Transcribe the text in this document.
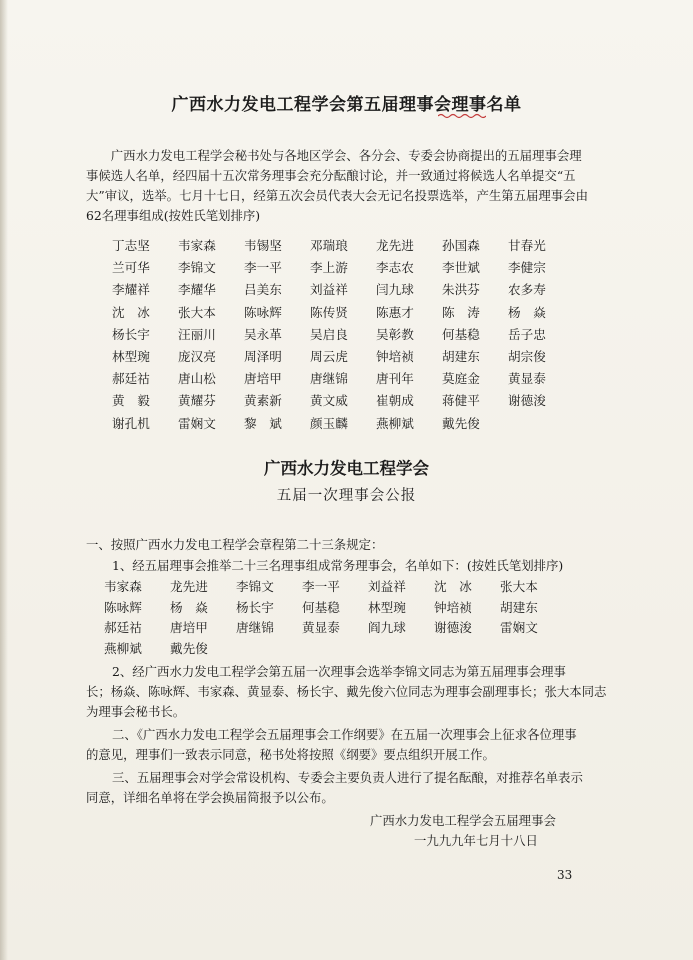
广西水力发电工程学会第五届理事会理事名单
广西水力发电工程学会秘书处与各地区学会、各分会、专委会协商提出的五届理事会理
事候选人名单，经四届十五次常务理事会充分酝酿讨论，并一致通过将候选人名单提交“五
大”审议，选举。七月十七日，经第五次会员代表大会无记名投票选举，产生第五届理事会由
62名理事组成(按姓氏笔划排序)
丁志坚 韦家森 韦锡坚 邓瑞琅 龙先进 孙国森 甘春光
兰可华 李锦文 李一平 李上游 李志农 李世斌 李健宗
李耀祥 李耀华 吕美东 刘益祥 闫九球 朱洪芬 农多寿
沈　冰 张大本 陈咏辉 陈传贤 陈惠才 陈　涛 杨　焱
杨长宇 汪丽川 吴永革 吴启良 吴彰教 何基稳 岳子忠
林型琬 庞汉亮 周泽明 周云虎 钟培祯 胡建东 胡宗俊
郝廷祜 唐山松 唐培甲 唐继锦 唐刊年 莫庭金 黄显泰
黄　毅 黄耀芬 黄素新 黄文威 崔朝成 蒋健平 谢德浚
谢孔机 雷娴文 黎　斌 颜玉麟 燕柳斌 戴先俊
广西水力发电工程学会
五届一次理事会公报
一、按照广西水力发电工程学会章程第二十三条规定：
1、经五届理事会推举二十三名理事组成常务理事会，名单如下：(按姓氏笔划排序)
韦家森 龙先进 李锦文 李一平 刘益祥 沈　冰 张大本
陈咏辉 杨　焱 杨长宇 何基稳 林型琬 钟培祯 胡建东
郝廷祜 唐培甲 唐继锦 黄显泰 阎九球 谢德浚 雷娴文
燕柳斌 戴先俊
2、经广西水力发电工程学会第五届一次理事会选举李锦文同志为第五届理事会理事
长；杨焱、陈咏辉、韦家森、黄显泰、杨长宇、戴先俊六位同志为理事会副理事长；张大本同志
为理事会秘书长。
二、《广西水力发电工程学会五届理事会工作纲要》在五届一次理事会上征求各位理事
的意见，理事们一致表示同意，秘书处将按照《纲要》要点组织开展工作。
三、五届理事会对学会常设机构、专委会主要负责人进行了提名酝酿，对推荐名单表示
同意，详细名单将在学会换届简报予以公布。
广西水力发电工程学会五届理事会
一九九九年七月十八日
33
